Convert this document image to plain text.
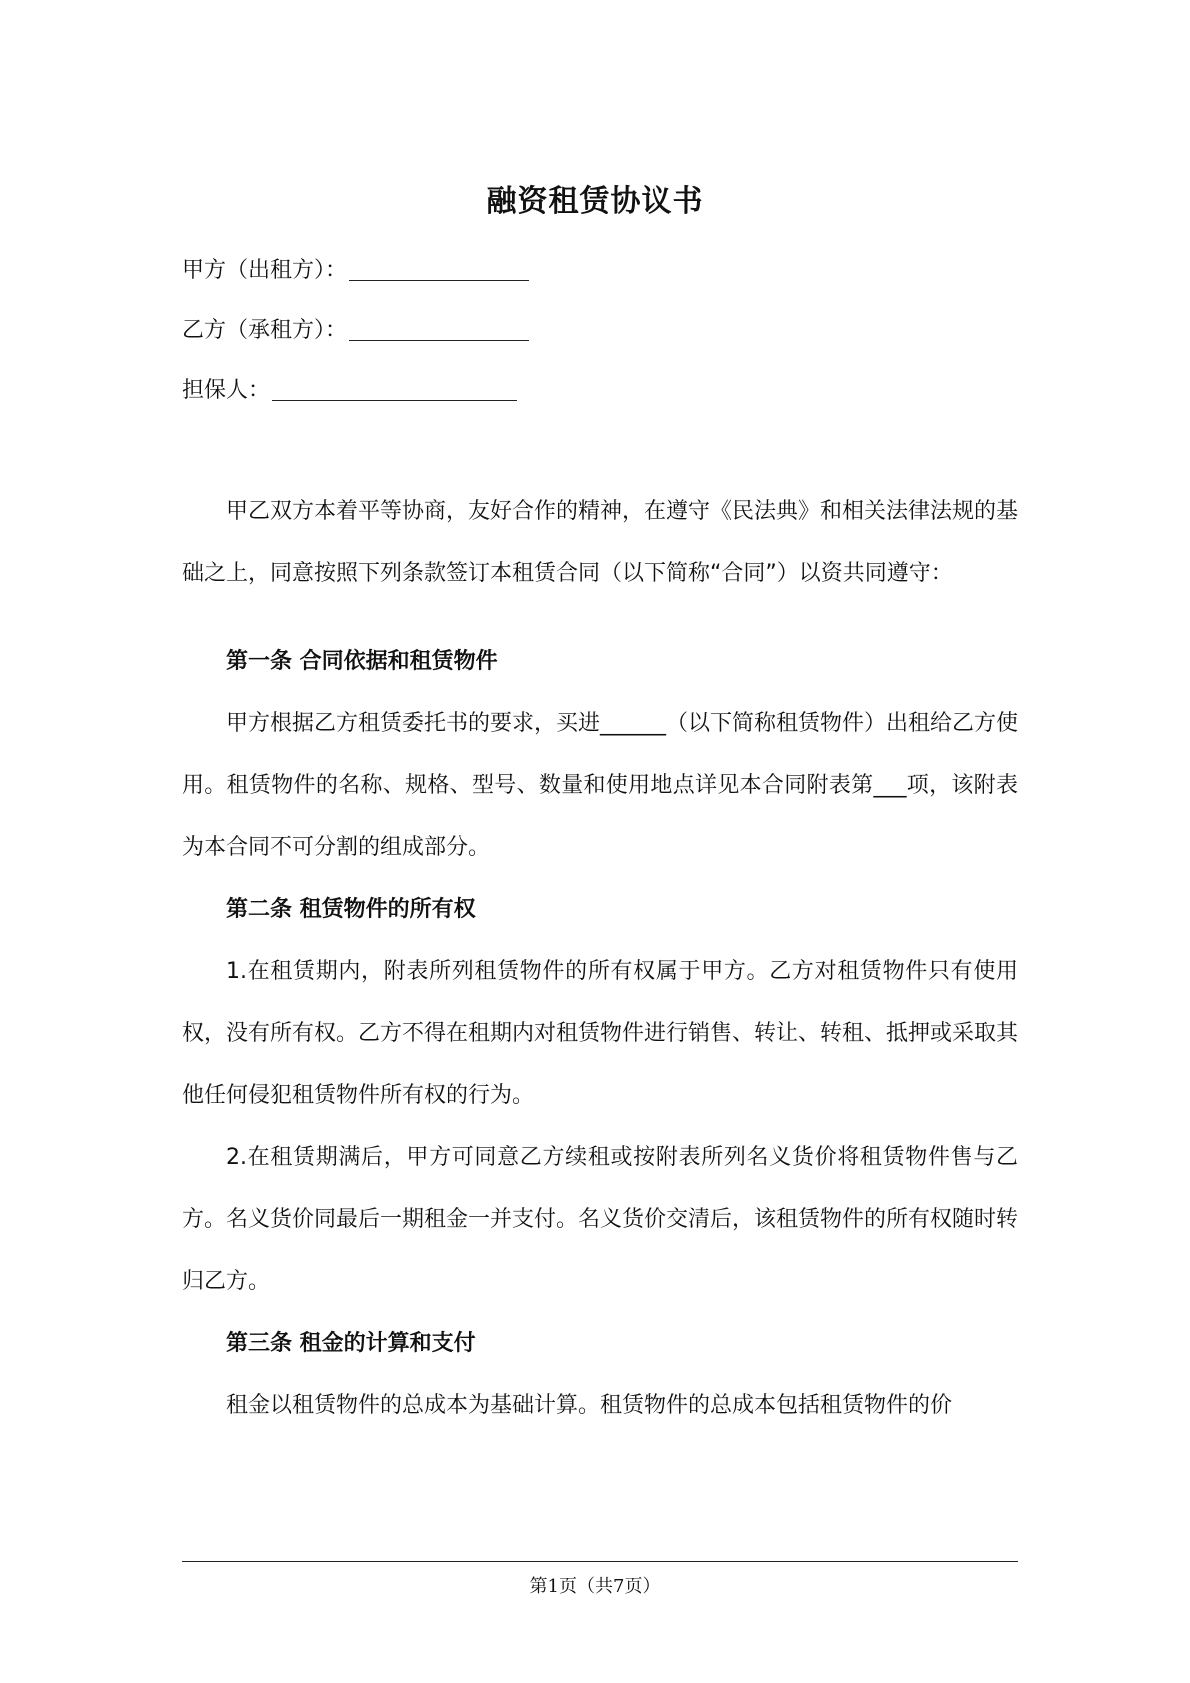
融资租赁协议书
甲方（出租方）：
乙方（承租方）：
担保人：

甲乙双方本着平等协商，友好合作的精神，在遵守《民法典》和相关法律法规的基础之上，同意按照下列条款签订本租赁合同（以下简称“合同”）以资共同遵守：

第一条 合同依据和租赁物件

甲方根据乙方租赁委托书的要求，买进______（以下简称租赁物件）出租给乙方使用。租赁物件的名称、规格、型号、数量和使用地点详见本合同附表第___项，该附表为本合同不可分割的组成部分。

第二条 租赁物件的所有权

1.在租赁期内，附表所列租赁物件的所有权属于甲方。乙方对租赁物件只有使用权，没有所有权。乙方不得在租期内对租赁物件进行销售、转让、转租、抵押或采取其他任何侵犯租赁物件所有权的行为。

2.在租赁期满后，甲方可同意乙方续租或按附表所列名义货价将租赁物件售与乙方。名义货价同最后一期租金一并支付。名义货价交清后，该租赁物件的所有权随时转归乙方。

第三条 租金的计算和支付

租金以租赁物件的总成本为基础计算。租赁物件的总成本包括租赁物件的价

第1页（共7页）
